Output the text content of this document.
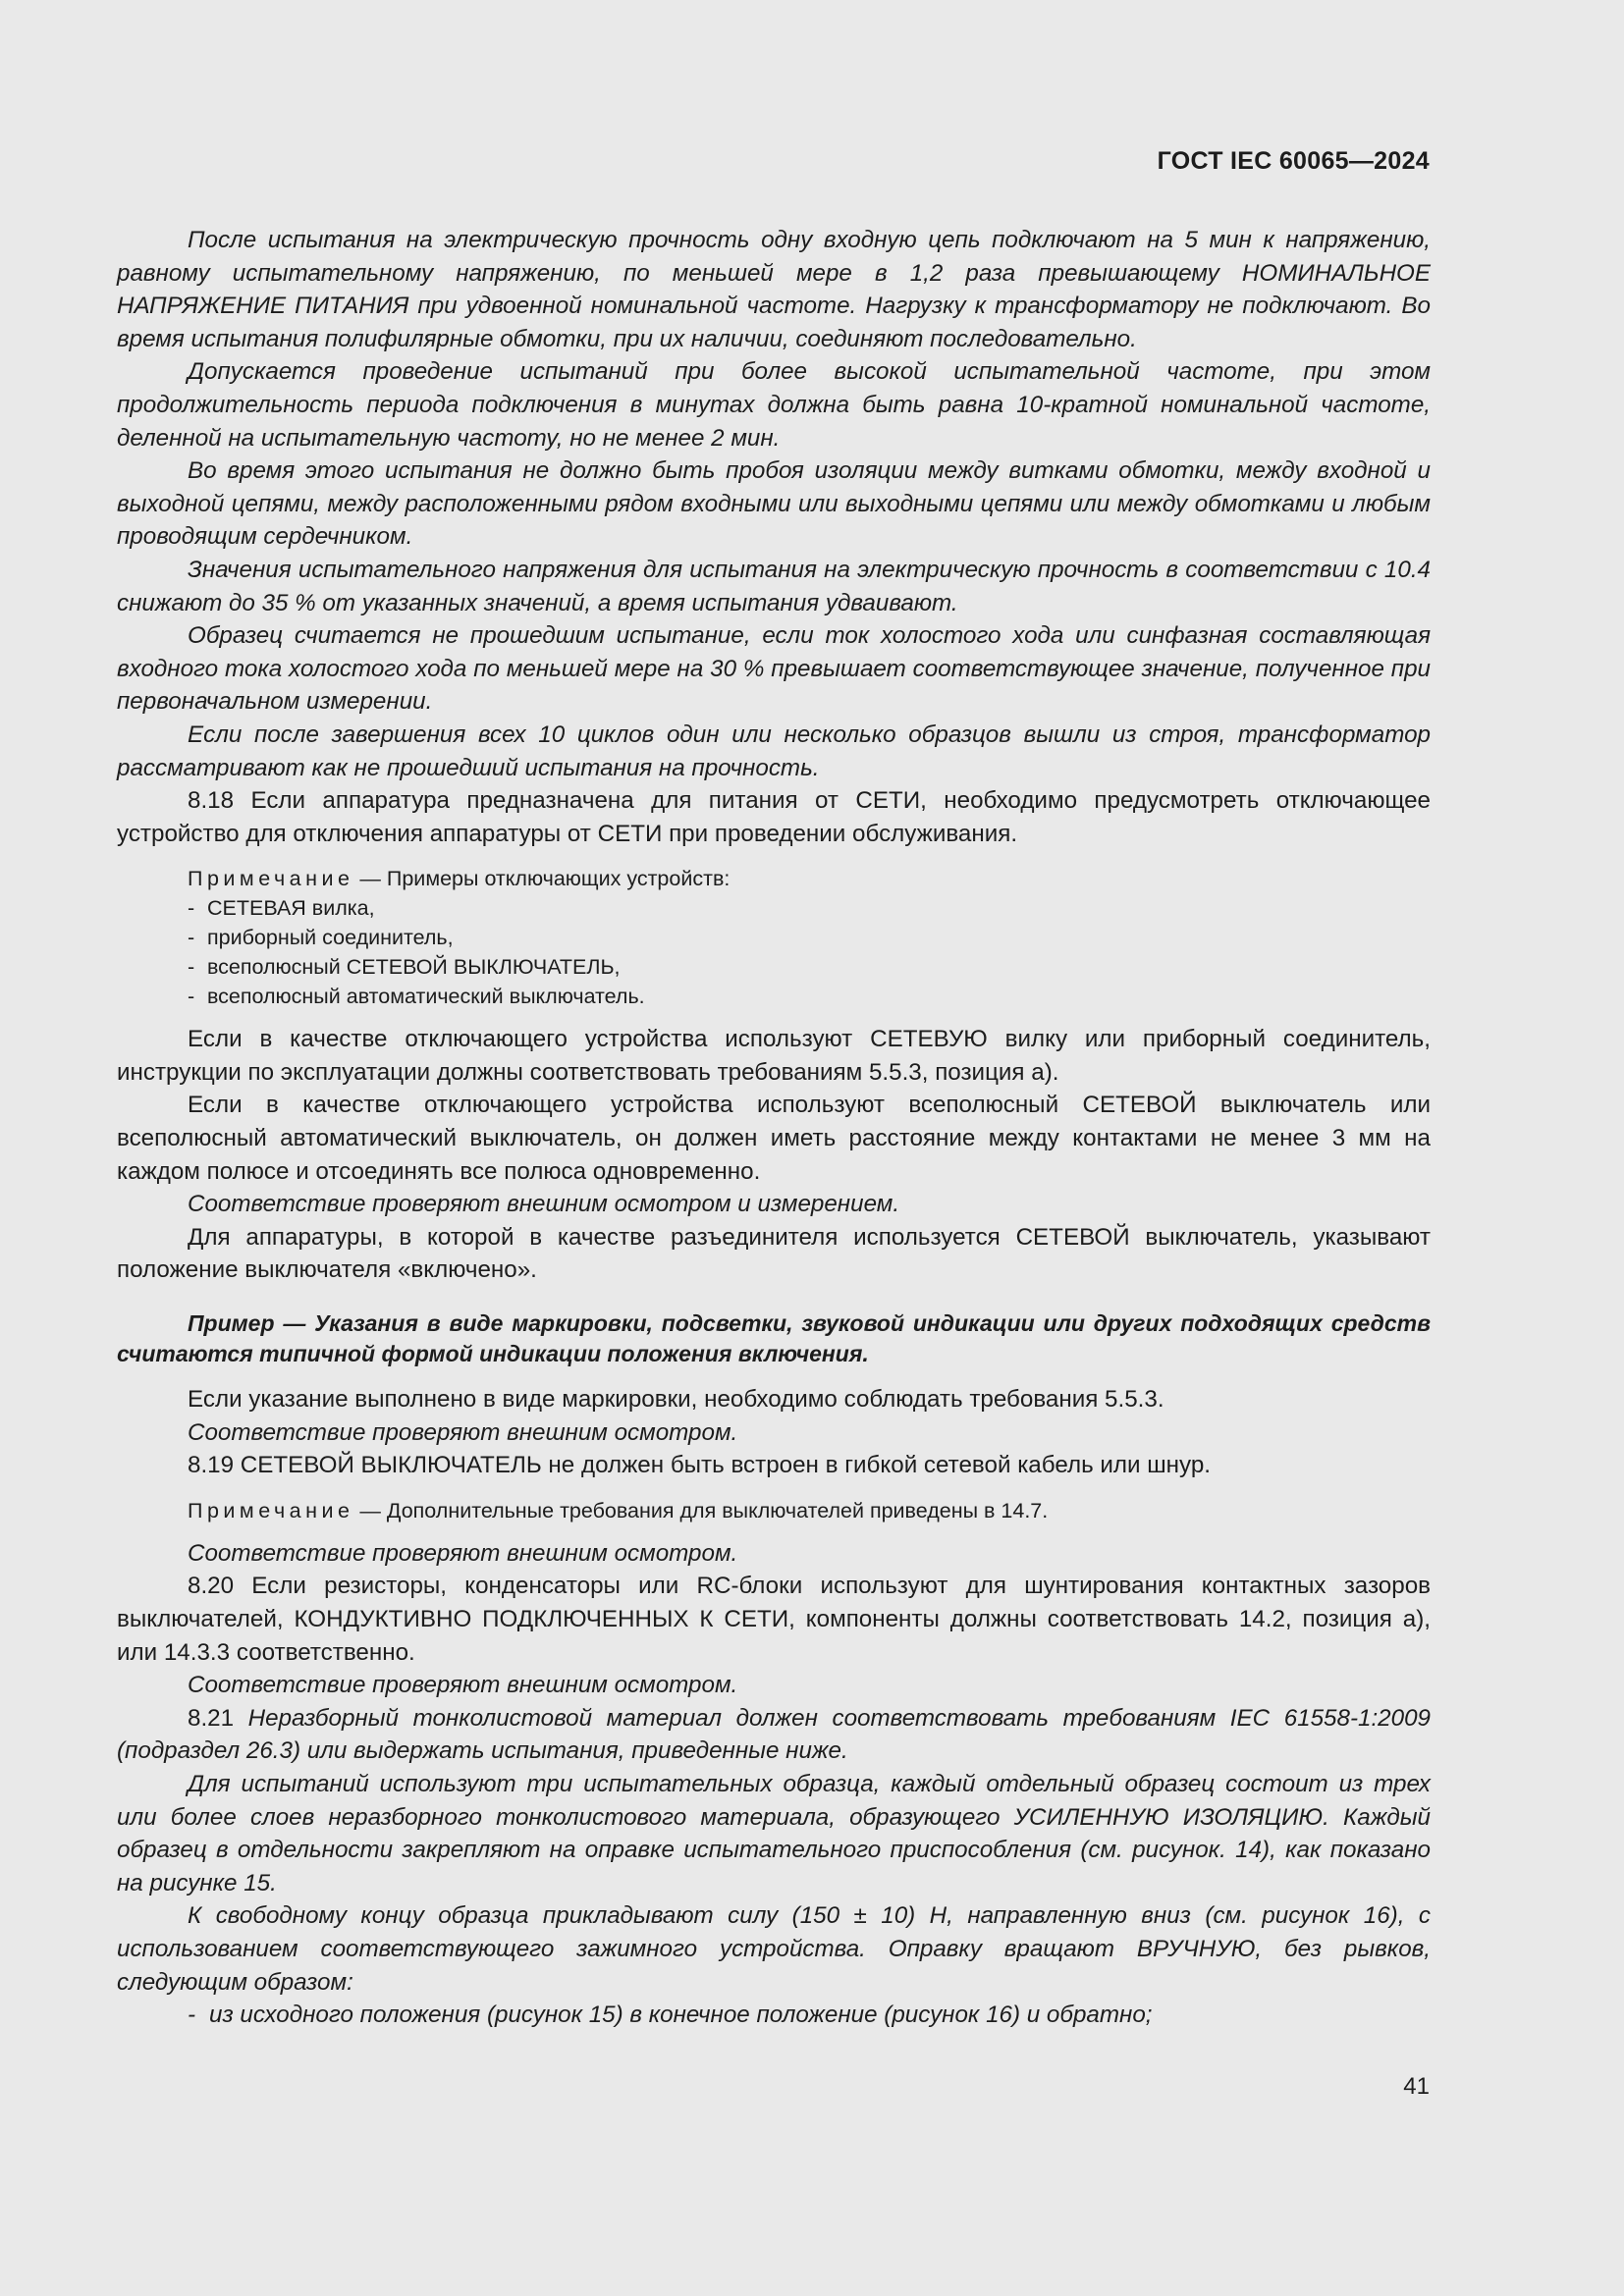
ГОСТ IEC 60065—2024

После испытания на электрическую прочность одну входную цепь подключают на 5 мин к напряжению, равному испытательному напряжению, по меньшей мере в 1,2 раза превышающему НОМИНАЛЬНОЕ НАПРЯЖЕНИЕ ПИТАНИЯ при удвоенной номинальной частоте. Нагрузку к трансформатору не подключают. Во время испытания полифилярные обмотки, при их наличии, соединяют последовательно.

Допускается проведение испытаний при более высокой испытательной частоте, при этом продолжительность периода подключения в минутах должна быть равна 10-кратной номинальной частоте, деленной на испытательную частоту, но не менее 2 мин.

Во время этого испытания не должно быть пробоя изоляции между витками обмотки, между входной и выходной цепями, между расположенными рядом входными или выходными цепями или между обмотками и любым проводящим сердечником.

Значения испытательного напряжения для испытания на электрическую прочность в соответствии с 10.4 снижают до 35 % от указанных значений, а время испытания удваивают.

Образец считается не прошедшим испытание, если ток холостого хода или синфазная составляющая входного тока холостого хода по меньшей мере на 30 % превышает соответствующее значение, полученное при первоначальном измерении.

Если после завершения всех 10 циклов один или несколько образцов вышли из строя, трансформатор рассматривают как не прошедший испытания на прочность.

8.18 Если аппаратура предназначена для питания от СЕТИ, необходимо предусмотреть отключающее устройство для отключения аппаратуры от СЕТИ при проведении обслуживания.

Примечание — Примеры отключающих устройств:
- СЕТЕВАЯ вилка,
- приборный соединитель,
- всеполюсный СЕТЕВОЙ ВЫКЛЮЧАТЕЛЬ,
- всеполюсный автоматический выключатель.

Если в качестве отключающего устройства используют СЕТЕВУЮ вилку или приборный соединитель, инструкции по эксплуатации должны соответствовать требованиям 5.5.3, позиция а).

Если в качестве отключающего устройства используют всеполюсный СЕТЕВОЙ выключатель или всеполюсный автоматический выключатель, он должен иметь расстояние между контактами не менее 3 мм на каждом полюсе и отсоединять все полюса одновременно.

Соответствие проверяют внешним осмотром и измерением.

Для аппаратуры, в которой в качестве разъединителя используется СЕТЕВОЙ выключатель, указывают положение выключателя «включено».

Пример — Указания в виде маркировки, подсветки, звуковой индикации или других подходящих средств считаются типичной формой индикации положения включения.

Если указание выполнено в виде маркировки, необходимо соблюдать требования 5.5.3.

Соответствие проверяют внешним осмотром.

8.19 СЕТЕВОЙ ВЫКЛЮЧАТЕЛЬ не должен быть встроен в гибкой сетевой кабель или шнур.

Примечание — Дополнительные требования для выключателей приведены в 14.7.

Соответствие проверяют внешним осмотром.

8.20 Если резисторы, конденсаторы или RC-блоки используют для шунтирования контактных зазоров выключателей, КОНДУКТИВНО ПОДКЛЮЧЕННЫХ К СЕТИ, компоненты должны соответствовать 14.2, позиция а), или 14.3.3 соответственно.

Соответствие проверяют внешним осмотром.

8.21 Неразборный тонколистовой материал должен соответствовать требованиям IEC 61558-1:2009 (подраздел 26.3) или выдержать испытания, приведенные ниже.

Для испытаний используют три испытательных образца, каждый отдельный образец состоит из трех или более слоев неразборного тонколистового материала, образующего УСИЛЕННУЮ ИЗОЛЯЦИЮ. Каждый образец в отдельности закрепляют на оправке испытательного приспособления (см. рисунок. 14), как показано на рисунке 15.

К свободному концу образца прикладывают силу (150 ± 10) Н, направленную вниз (см. рисунок 16), с использованием соответствующего зажимного устройства. Оправку вращают ВРУЧНУЮ, без рывков, следующим образом:

- из исходного положения (рисунок 15) в конечное положение (рисунок 16) и обратно;
41
